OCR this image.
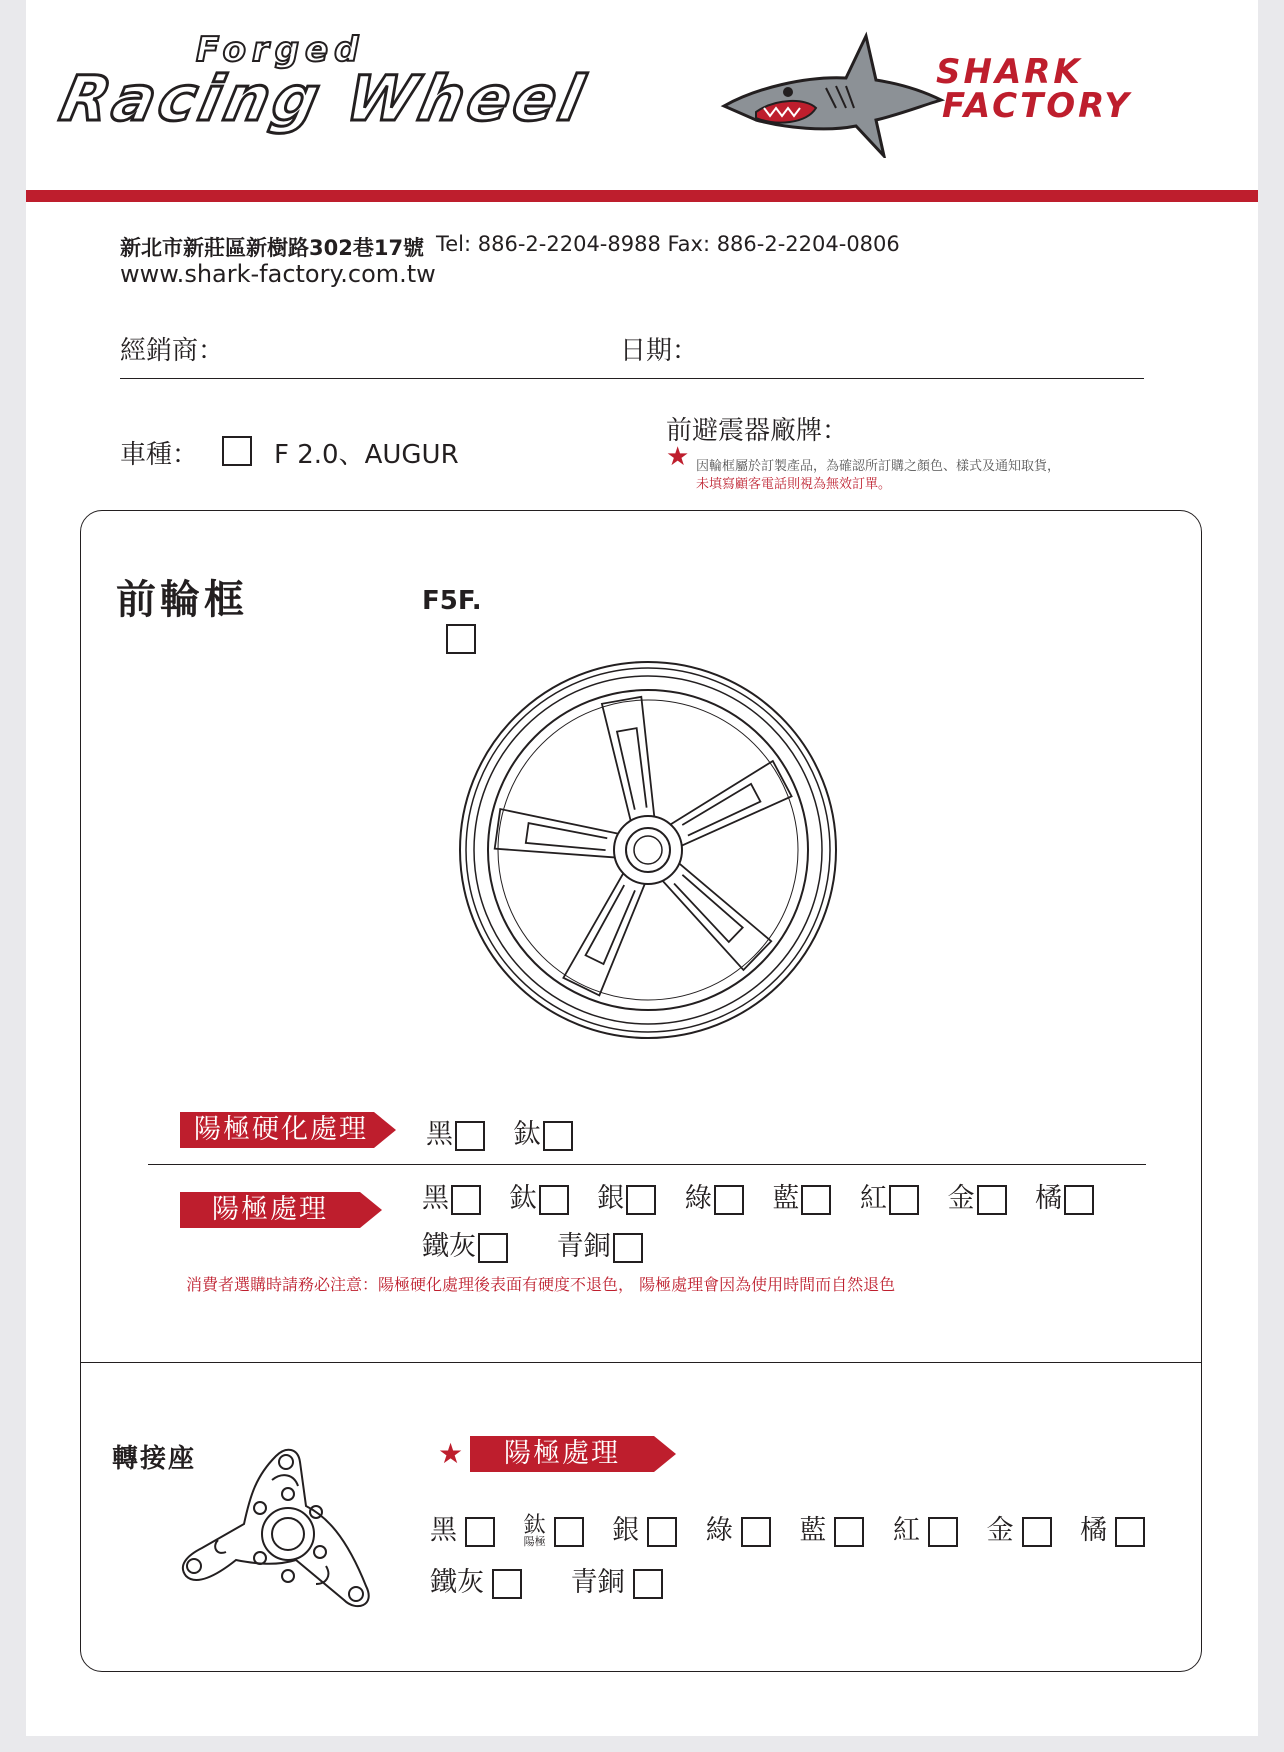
Forged
Racing Wheel	SHARK
FACTORY
新北市新莊區新樹路302巷17號 Tel: 886-2-2204-8988 Fax: 886-2-2204-0806
www.shark-factory.com.tw
經銷商：	日期：
車種：	F 2.0、AUGUR
前避震器廠牌：
★ 因輪框屬於訂製產品，為確認所訂購之顏色、樣式及通知取貨，
未填寫顧客電話則視為無效訂單。
前輪框	F5F.
陽極硬化處理 黑 鈦
陽極處理	黑 鈦 銀 綠 藍 紅 金 橘
鐵灰	青銅
消費者選購時請務必注意：陽極硬化處理後表面有硬度不退色， 陽極處理會因為使用時間而自然退色
轉接座	★	陽極處理
黑	鈦
陽極 銀 綠 藍 紅 金 橘
鐵灰	青銅
